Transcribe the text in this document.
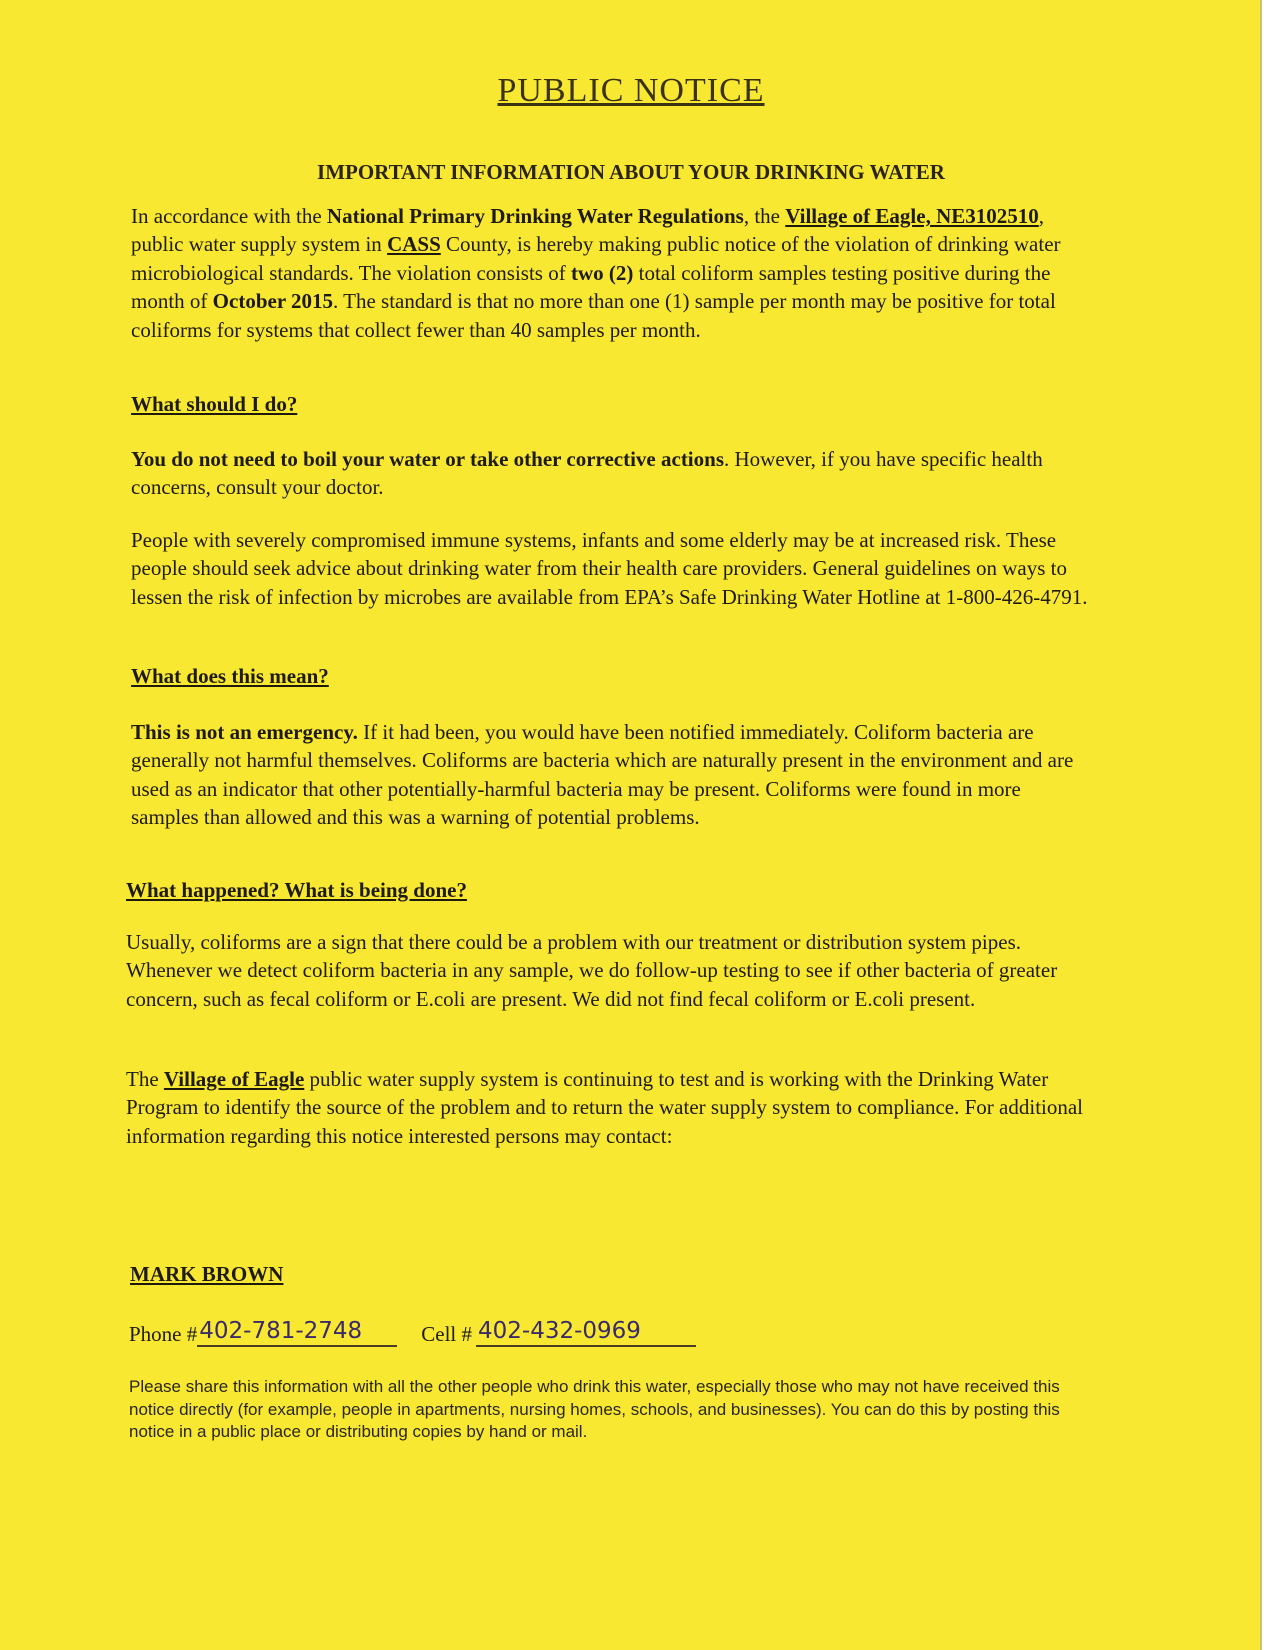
PUBLIC NOTICE
IMPORTANT INFORMATION ABOUT YOUR DRINKING WATER
In accordance with the National Primary Drinking Water Regulations, the Village of Eagle, NE3102510, public water supply system in CASS County, is hereby making public notice of the violation of drinking water microbiological standards. The violation consists of two (2) total coliform samples testing positive during the month of October 2015. The standard is that no more than one (1) sample per month may be positive for total coliforms for systems that collect fewer than 40 samples per month.
What should I do?
You do not need to boil your water or take other corrective actions. However, if you have specific health concerns, consult your doctor.
People with severely compromised immune systems, infants and some elderly may be at increased risk. These people should seek advice about drinking water from their health care providers. General guidelines on ways to lessen the risk of infection by microbes are available from EPA’s Safe Drinking Water Hotline at 1-800-426-4791.
What does this mean?
This is not an emergency. If it had been, you would have been notified immediately. Coliform bacteria are generally not harmful themselves. Coliforms are bacteria which are naturally present in the environment and are used as an indicator that other potentially-harmful bacteria may be present. Coliforms were found in more samples than allowed and this was a warning of potential problems.
What happened? What is being done?
Usually, coliforms are a sign that there could be a problem with our treatment or distribution system pipes. Whenever we detect coliform bacteria in any sample, we do follow-up testing to see if other bacteria of greater concern, such as fecal coliform or E.coli are present. We did not find fecal coliform or E.coli present.
The Village of Eagle public water supply system is continuing to test and is working with the Drinking Water Program to identify the source of the problem and to return the water supply system to compliance. For additional information regarding this notice interested persons may contact:
MARK BROWN
Phone # 402-781-2748	Cell # 402-432-0969
Please share this information with all the other people who drink this water, especially those who may not have received this notice directly (for example, people in apartments, nursing homes, schools, and businesses). You can do this by posting this notice in a public place or distributing copies by hand or mail.
